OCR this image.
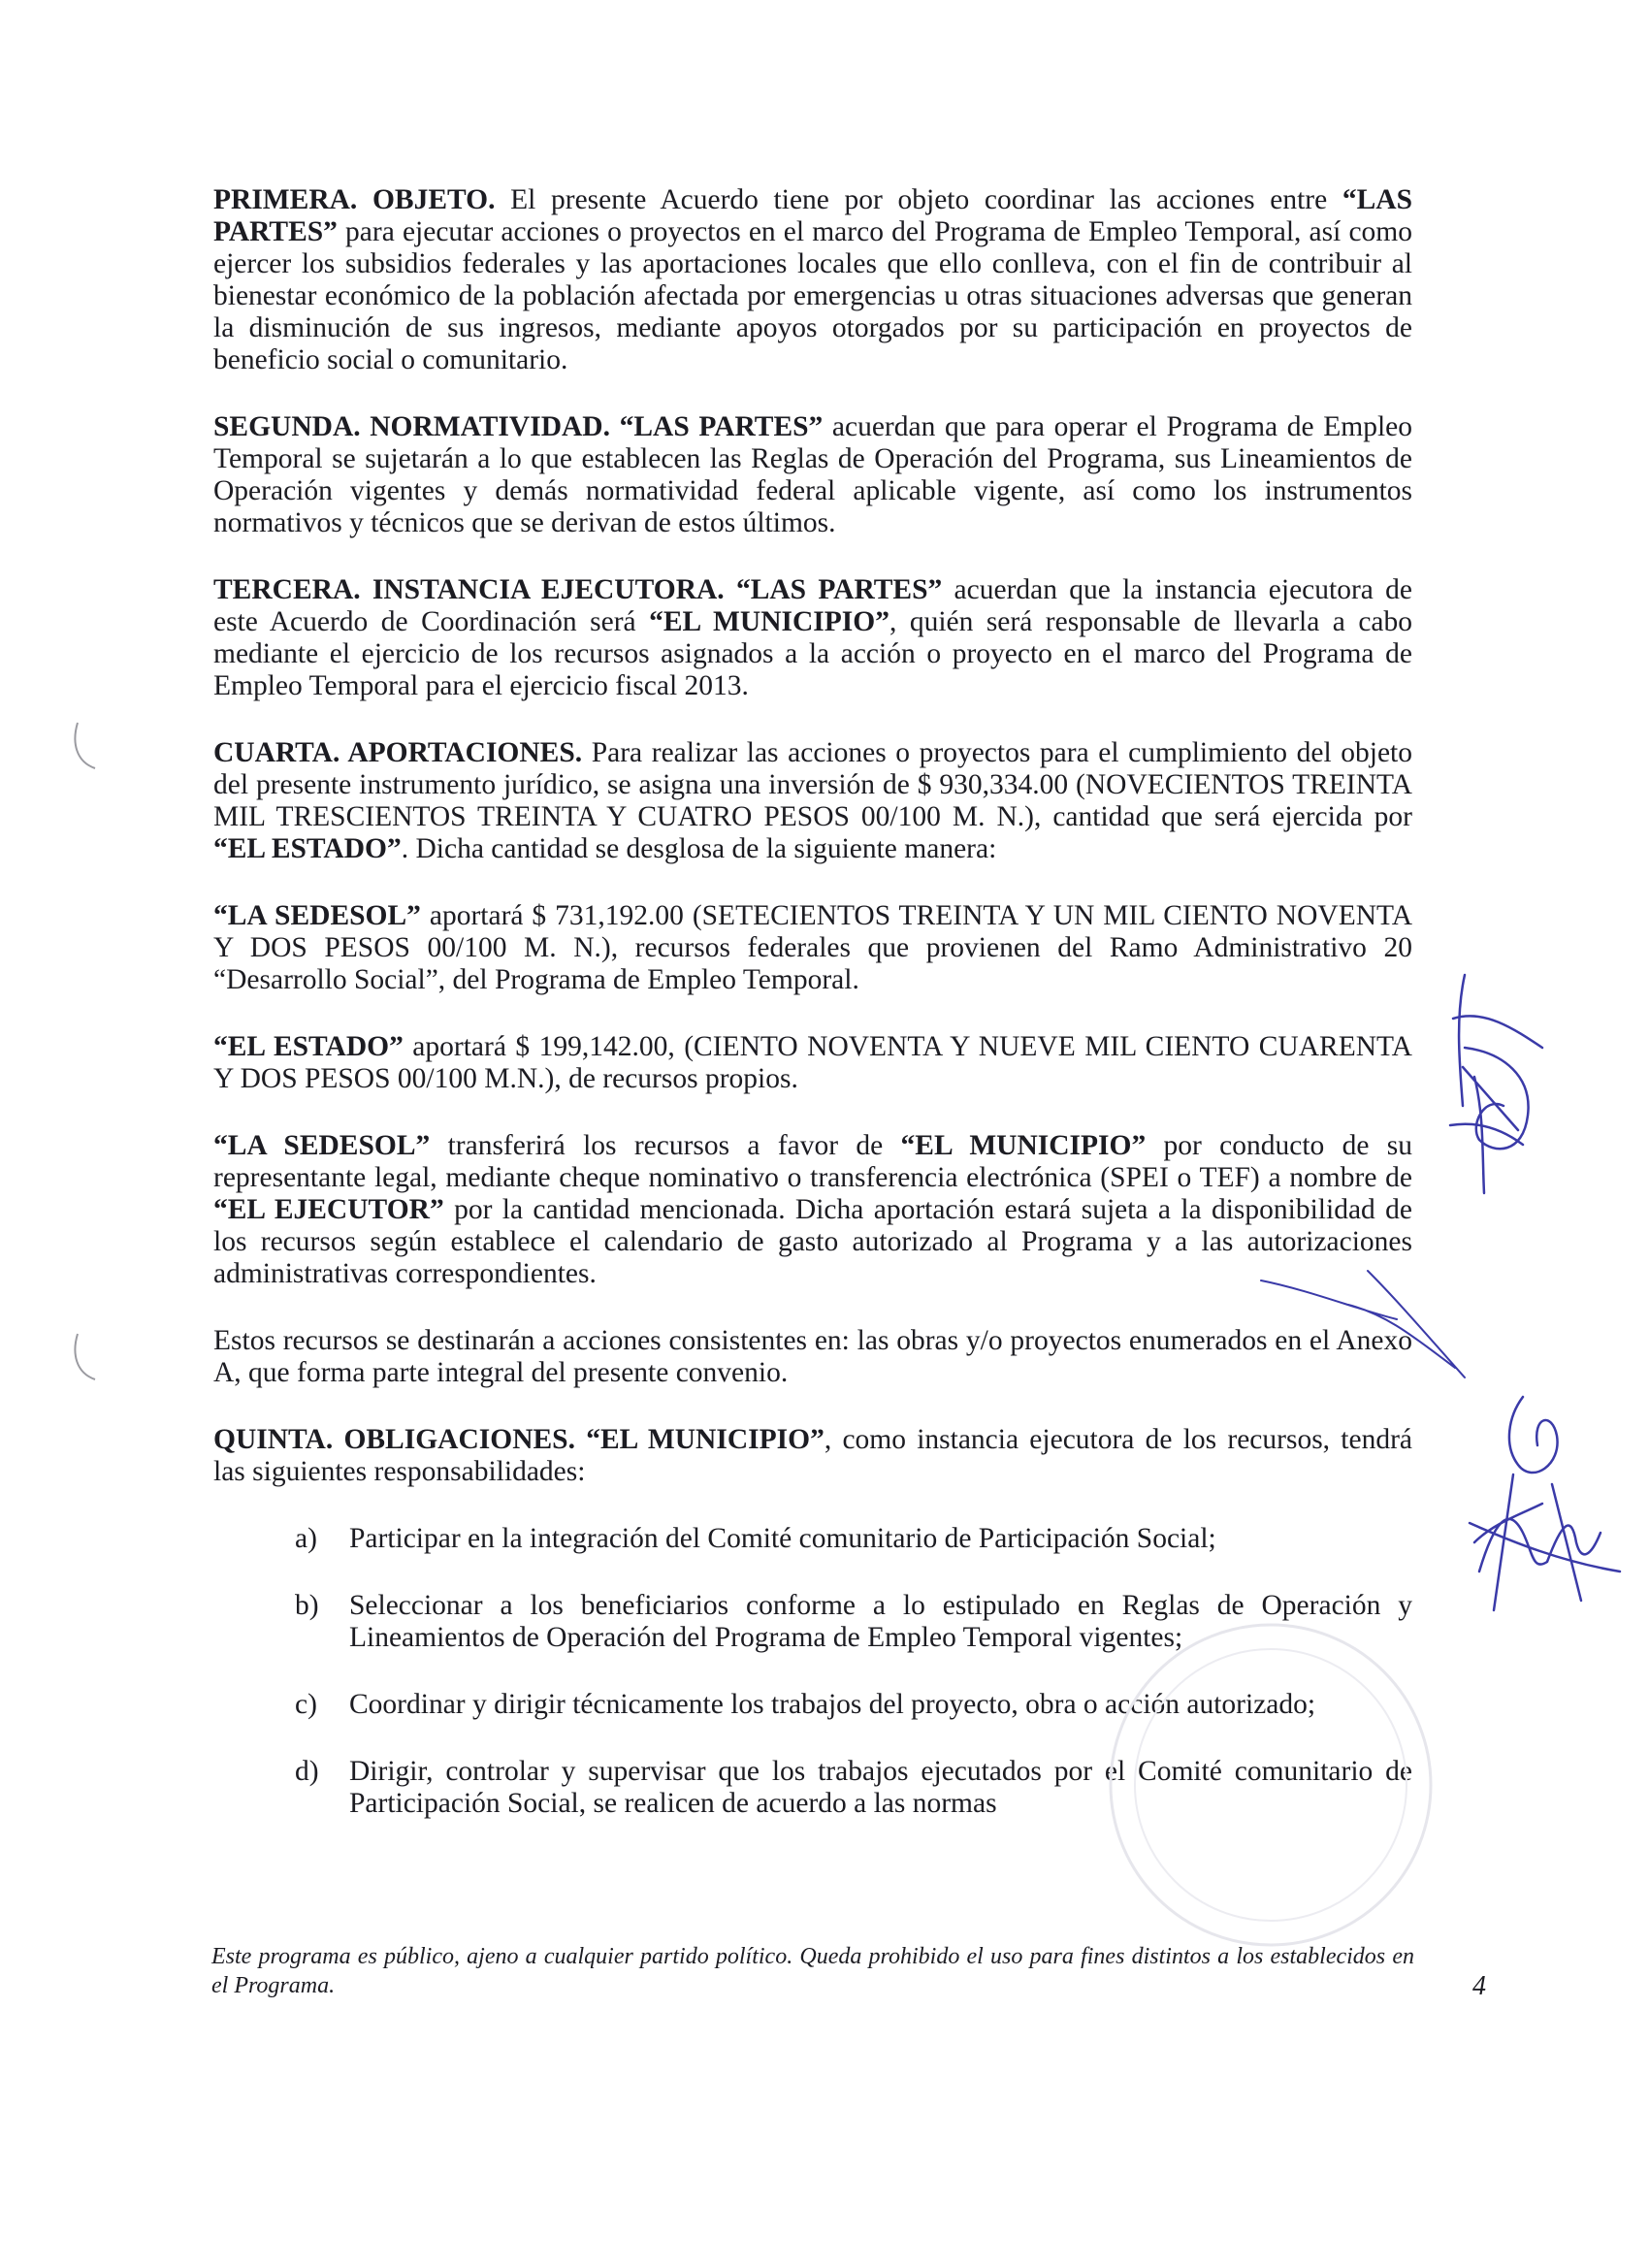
PRIMERA. OBJETO. El presente Acuerdo tiene por objeto coordinar las acciones entre “LAS PARTES” para ejecutar acciones o proyectos en el marco del Programa de Empleo Temporal, así como ejercer los subsidios federales y las aportaciones locales que ello conlleva, con el fin de contribuir al bienestar económico de la población afectada por emergencias u otras situaciones adversas que generan la disminución de sus ingresos, mediante apoyos otorgados por su participación en proyectos de beneficio social o comunitario.

SEGUNDA. NORMATIVIDAD. “LAS PARTES” acuerdan que para operar el Programa de Empleo Temporal se sujetarán a lo que establecen las Reglas de Operación del Programa, sus Lineamientos de Operación vigentes y demás normatividad federal aplicable vigente, así como los instrumentos normativos y técnicos que se derivan de estos últimos.

TERCERA. INSTANCIA EJECUTORA. “LAS PARTES” acuerdan que la instancia ejecutora de este Acuerdo de Coordinación será “EL MUNICIPIO”, quién será responsable de llevarla a cabo mediante el ejercicio de los recursos asignados a la acción o proyecto en el marco del Programa de Empleo Temporal para el ejercicio fiscal 2013.

CUARTA. APORTACIONES. Para realizar las acciones o proyectos para el cumplimiento del objeto del presente instrumento jurídico, se asigna una inversión de $ 930,334.00 (NOVECIENTOS TREINTA MIL TRESCIENTOS TREINTA Y CUATRO PESOS 00/100 M. N.), cantidad que será ejercida por “EL ESTADO”. Dicha cantidad se desglosa de la siguiente manera:

“LA SEDESOL” aportará $ 731,192.00 (SETECIENTOS TREINTA Y UN MIL CIENTO NOVENTA Y DOS PESOS 00/100 M. N.), recursos federales que provienen del Ramo Administrativo 20 “Desarrollo Social”, del Programa de Empleo Temporal.

“EL ESTADO” aportará $ 199,142.00, (CIENTO NOVENTA Y NUEVE MIL CIENTO CUARENTA Y DOS PESOS 00/100 M.N.), de recursos propios.

“LA SEDESOL” transferirá los recursos a favor de “EL MUNICIPIO” por conducto de su representante legal, mediante cheque nominativo o transferencia electrónica (SPEI o TEF) a nombre de “EL EJECUTOR” por la cantidad mencionada. Dicha aportación estará sujeta a la disponibilidad de los recursos según establece el calendario de gasto autorizado al Programa y a las autorizaciones administrativas correspondientes.

Estos recursos se destinarán a acciones consistentes en: las obras y/o proyectos enumerados en el Anexo A, que forma parte integral del presente convenio.

QUINTA. OBLIGACIONES. “EL MUNICIPIO”, como instancia ejecutora de los recursos, tendrá las siguientes responsabilidades:

a) Participar en la integración del Comité comunitario de Participación Social;
b) Seleccionar a los beneficiarios conforme a lo estipulado en Reglas de Operación y Lineamientos de Operación del Programa de Empleo Temporal vigentes;
c) Coordinar y dirigir técnicamente los trabajos del proyecto, obra o acción autorizado;
d) Dirigir, controlar y supervisar que los trabajos ejecutados por el Comité comunitario de Participación Social, se realicen de acuerdo a las normas
Este programa es público, ajeno a cualquier partido político. Queda prohibido el uso para fines distintos a los establecidos en el Programa.	4
